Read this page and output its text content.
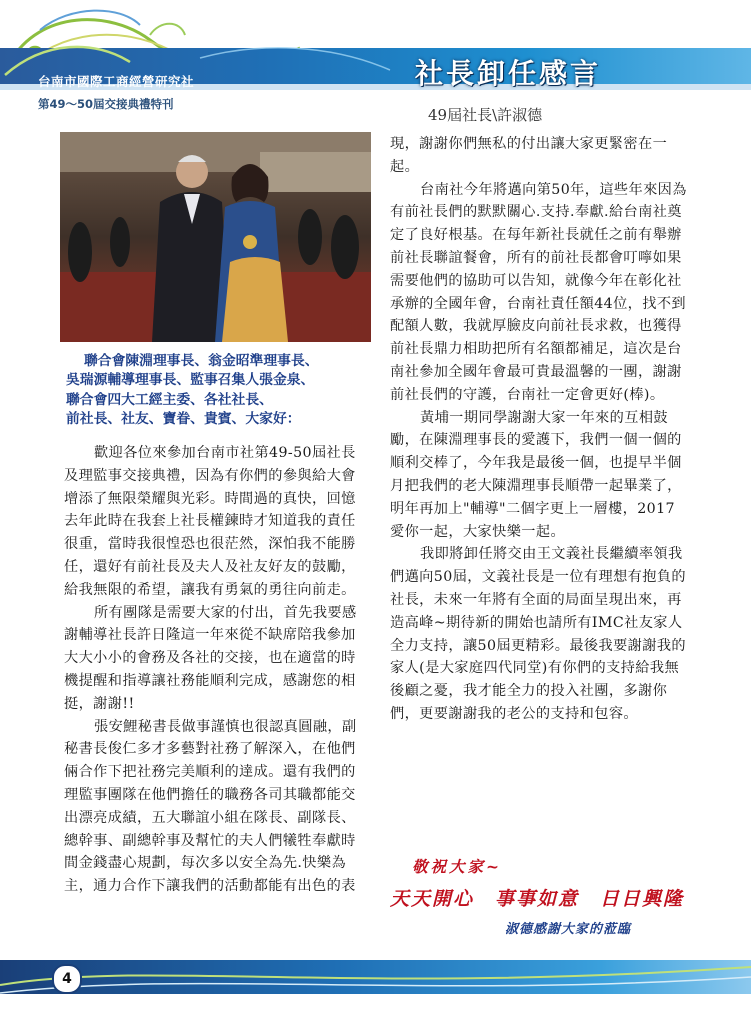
台南市國際工商經營研究社
第49～50屆交接典禮特刊
社長卸任感言
49屆社長\許淑德
聯合會陳淵理事長、翁金昭準理事長、
吳瑞源輔導理事長、監事召集人張金泉、
聯合會四大工經主委、各社社長、
前社長、社友、寶眷、貴賓、大家好：

歡迎各位來參加台南市社第49-50屆社長及理監事交接典禮，因為有你們的參與給大會增添了無限榮耀與光彩。時間過的真快，回憶去年此時在我套上社長權鍊時才知道我的責任很重，當時我很惶恐也很茫然，深怕我不能勝任，還好有前社長及夫人及社友好友的鼓勵，給我無限的希望，讓我有勇氣的勇往向前走。

所有團隊是需要大家的付出，首先我要感謝輔導社長許日隆這一年來從不缺席陪我參加大大小小的會務及各社的交接，也在適當的時機提醒和指導讓社務能順利完成，感謝您的相挺，謝謝!!

張安鯉秘書長做事謹慎也很認真圓融，副秘書長俊仁多才多藝對社務了解深入，在他們倆合作下把社務完美順利的達成。還有我們的理監事團隊在他們擔任的職務各司其職都能交出漂亮成績，五大聯誼小組在隊長、副隊長、總幹事、副總幹事及幫忙的夫人們犧牲奉獻時間金錢盡心規劃，每次多以安全為先.快樂為主，通力合作下讓我們的活動都能有出色的表

現，謝謝你們無私的付出讓大家更緊密在一起。

台南社今年將邁向第50年，這些年來因為有前社長們的默默關心.支持.奉獻.給台南社奠定了良好根基。在每年新社長就任之前有舉辦前社長聯誼餐會，所有的前社長都會叮嚀如果需要他們的協助可以告知，就像今年在彰化社承辦的全國年會，台南社責任額44位，找不到配額人數，我就厚臉皮向前社長求救，也獲得前社長鼎力相助把所有名額都補足，這次是台南社參加全國年會最可貴最溫馨的一團，謝謝前社長們的守護，台南社一定會更好(棒)。

黃埔一期同學謝謝大家一年來的互相鼓勵，在陳淵理事長的愛護下，我們一個一個的順利交棒了，今年我是最後一個，也提早半個月把我們的老大陳淵理事長順帶一起畢業了，明年再加上"輔導"二個字更上一層樓，2017愛你一起，大家快樂一起。

我即將卸任將交由王文義社長繼續率領我們邁向50屆，文義社長是一位有理想有抱負的社長，未來一年將有全面的局面呈現出來，再造高峰~期待新的開始也請所有IMC社友家人全力支持，讓50屆更精彩。最後我要謝謝我的家人(是大家庭四代同堂)有你們的支持給我無後顧之憂，我才能全力的投入社團，多謝你們，更要謝謝我的老公的支持和包容。

敬祝大家~
天天開心　事事如意　日日興隆
淑德感謝大家的蒞臨
4
